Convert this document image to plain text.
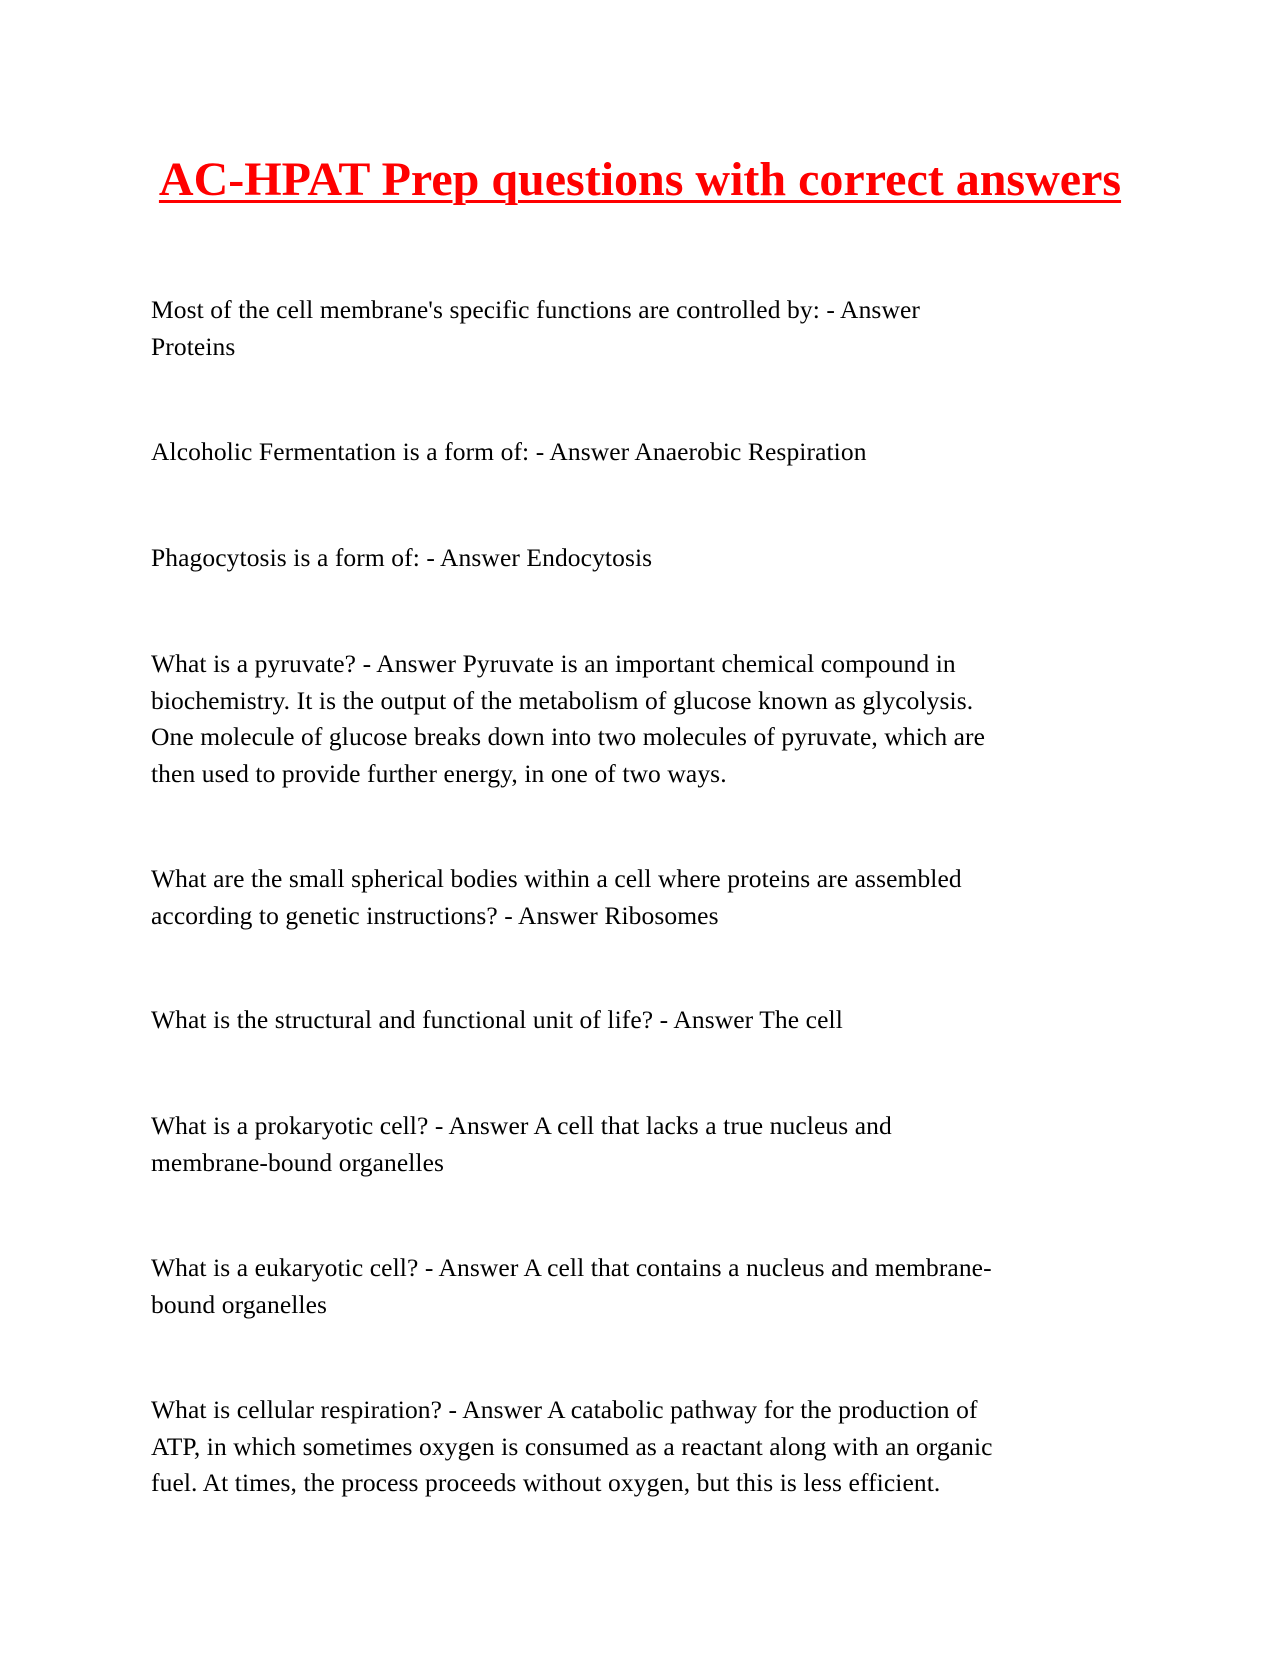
AC-HPAT Prep questions with correct answers

Most of the cell membrane's specific functions are controlled by: - Answer
Proteins

Alcoholic Fermentation is a form of: - Answer Anaerobic Respiration

Phagocytosis is a form of: - Answer Endocytosis

What is a pyruvate? - Answer Pyruvate is an important chemical compound in
biochemistry. It is the output of the metabolism of glucose known as glycolysis.
One molecule of glucose breaks down into two molecules of pyruvate, which are
then used to provide further energy, in one of two ways.

What are the small spherical bodies within a cell where proteins are assembled
according to genetic instructions? - Answer Ribosomes

What is the structural and functional unit of life? - Answer The cell

What is a prokaryotic cell? - Answer A cell that lacks a true nucleus and
membrane-bound organelles

What is a eukaryotic cell? - Answer A cell that contains a nucleus and membrane-
bound organelles

What is cellular respiration? - Answer A catabolic pathway for the production of
ATP, in which sometimes oxygen is consumed as a reactant along with an organic
fuel. At times, the process proceeds without oxygen, but this is less efficient.
